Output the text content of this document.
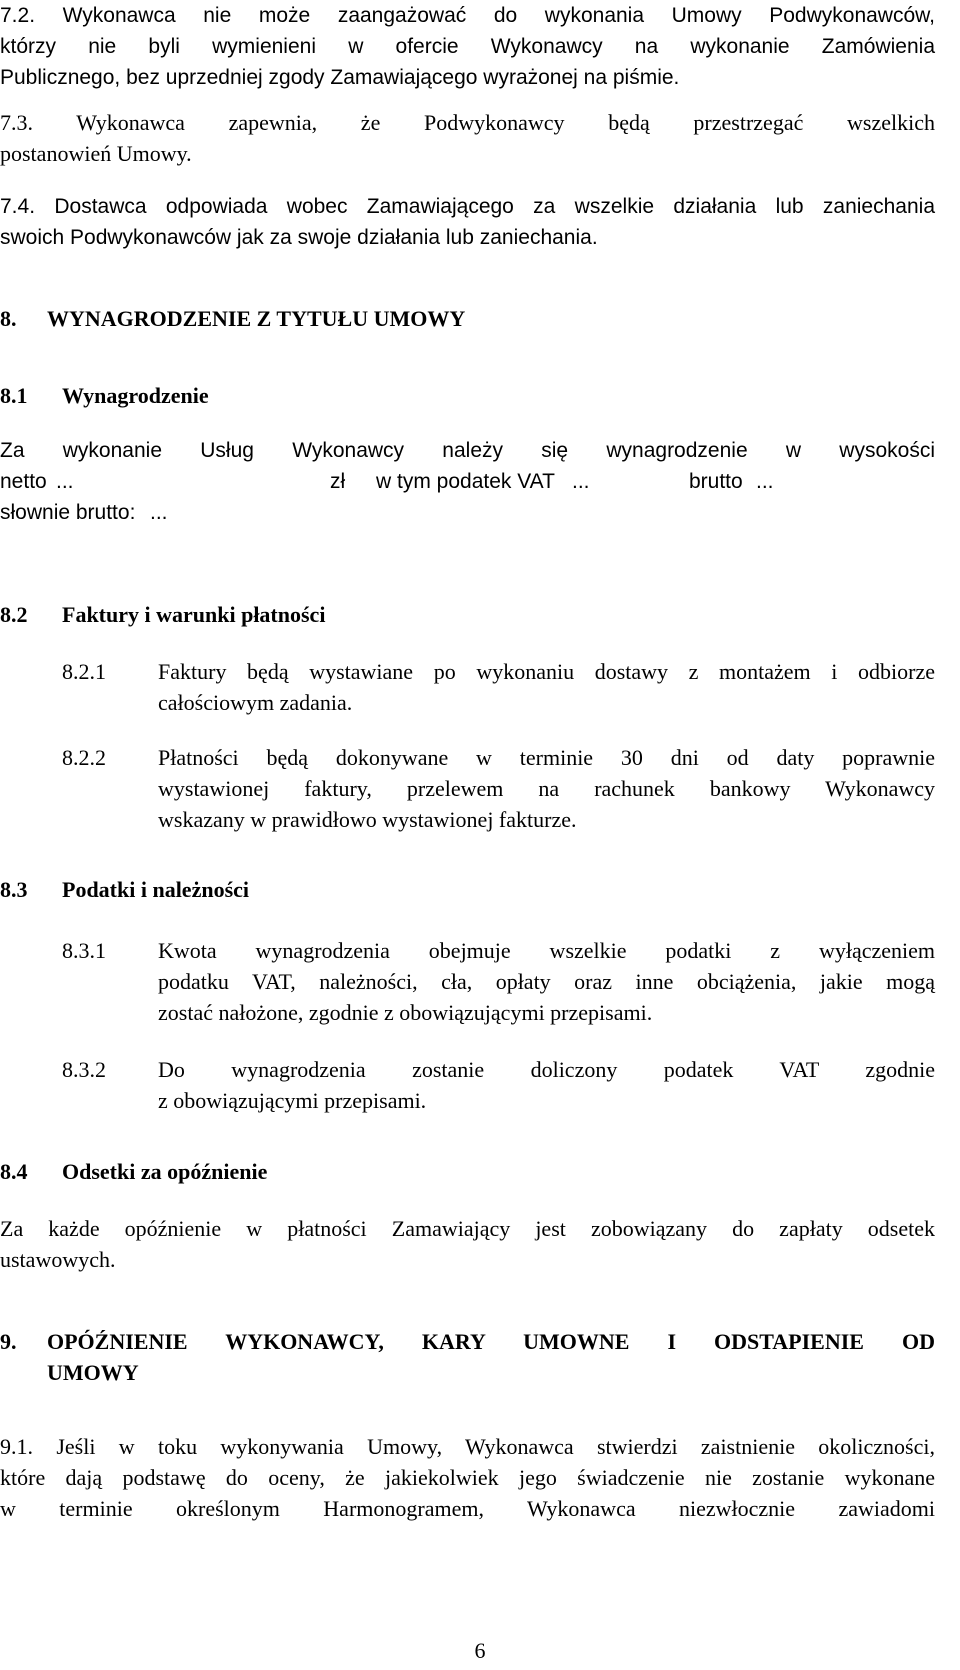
7.2. Wykonawca nie może zaangażować do wykonania Umowy Podwykonawców,
którzy nie byli wymienieni w ofercie Wykonawcy na wykonanie Zamówienia
Publicznego, bez uprzedniej zgody Zamawiającego wyrażonej na piśmie.

7.3. Wykonawca zapewnia, że Podwykonawcy będą przestrzegać wszelkich
postanowień Umowy.

7.4. Dostawca odpowiada wobec Zamawiającego za wszelkie działania lub zaniechania
swoich Podwykonawców jak za swoje działania lub zaniechania.

8. WYNAGRODZENIE Z TYTUŁU UMOWY
8.1 Wynagrodzenie
Za wykonanie Usług Wykonawcy należy się wynagrodzenie w wysokości
netto ...	zł w tym podatek VAT ...	brutto ...
słownie brutto: ...
8.2 Faktury i warunki płatności
8.2.1 Faktury będą wystawiane po wykonaniu dostawy z montażem i odbiorze
całościowym zadania.
8.2.2 Płatności będą dokonywane w terminie 30 dni od daty poprawnie
wystawionej faktury, przelewem na rachunek bankowy Wykonawcy
wskazany w prawidłowo wystawionej fakturze.
8.3 Podatki i należności
8.3.1 Kwota wynagrodzenia obejmuje wszelkie podatki z wyłączeniem
podatku VAT, należności, cła, opłaty oraz inne obciążenia, jakie mogą
zostać nałożone, zgodnie z obowiązującymi przepisami.
8.3.2 Do wynagrodzenia zostanie doliczony podatek VAT zgodnie
z obowiązującymi przepisami.
8.4 Odsetki za opóźnienie

Za każde opóźnienie w płatności Zamawiający jest zobowiązany do zapłaty odsetek
ustawowych.

9. OPÓŹNIENIE WYKONAWCY, KARY UMOWNE I ODSTAPIENIE OD
UMOWY

9.1. Jeśli w toku wykonywania Umowy, Wykonawca stwierdzi zaistnienie okoliczności,
które dają podstawę do oceny, że jakiekolwiek jego świadczenie nie zostanie wykonane
w terminie określonym Harmonogramem, Wykonawca niezwłocznie zawiadomi

6
